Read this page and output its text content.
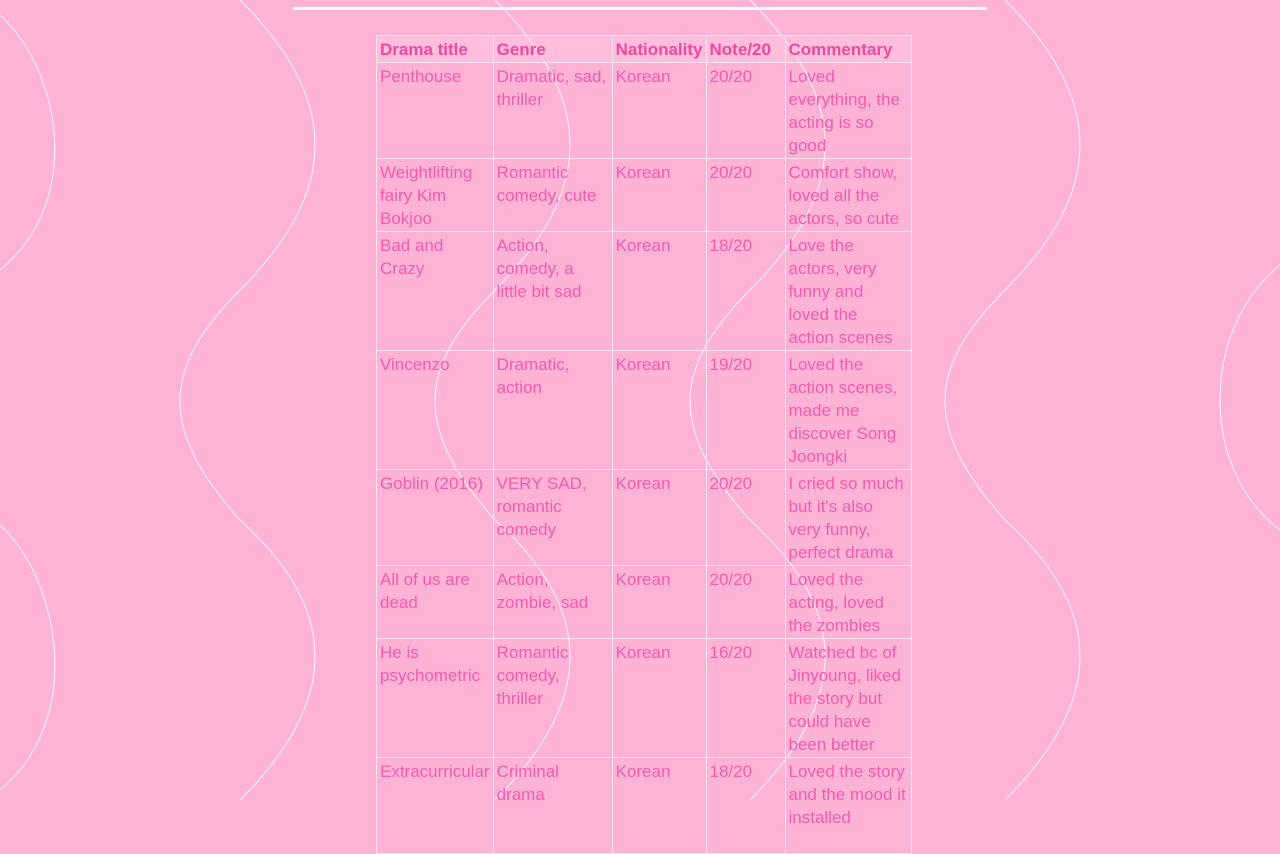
Drama title	Genre	Nationality	Note/20	Commentary
Penthouse	Dramatic, sad, thriller	Korean	20/20	Loved everything, the acting is so good
Weightlifting fairy Kim Bokjoo	Romantic comedy, cute	Korean	20/20	Comfort show, loved all the actors, so cute
Bad and Crazy	Action, comedy, a little bit sad	Korean	18/20	Love the actors, very funny and loved the action scenes
Vincenzo	Dramatic, action	Korean	19/20	Loved the action scenes, made me discover Song Joongki
Goblin (2016)	VERY SAD, romantic comedy	Korean	20/20	I cried so much but it's also very funny, perfect drama
All of us are dead	Action, zombie, sad	Korean	20/20	Loved the acting, loved the zombies
He is psychometric	Romantic comedy, thriller	Korean	16/20	Watched bc of Jinyoung, liked the story but could have been better
Extracurricular	Criminal drama	Korean	18/20	Loved the story and the mood it installed
